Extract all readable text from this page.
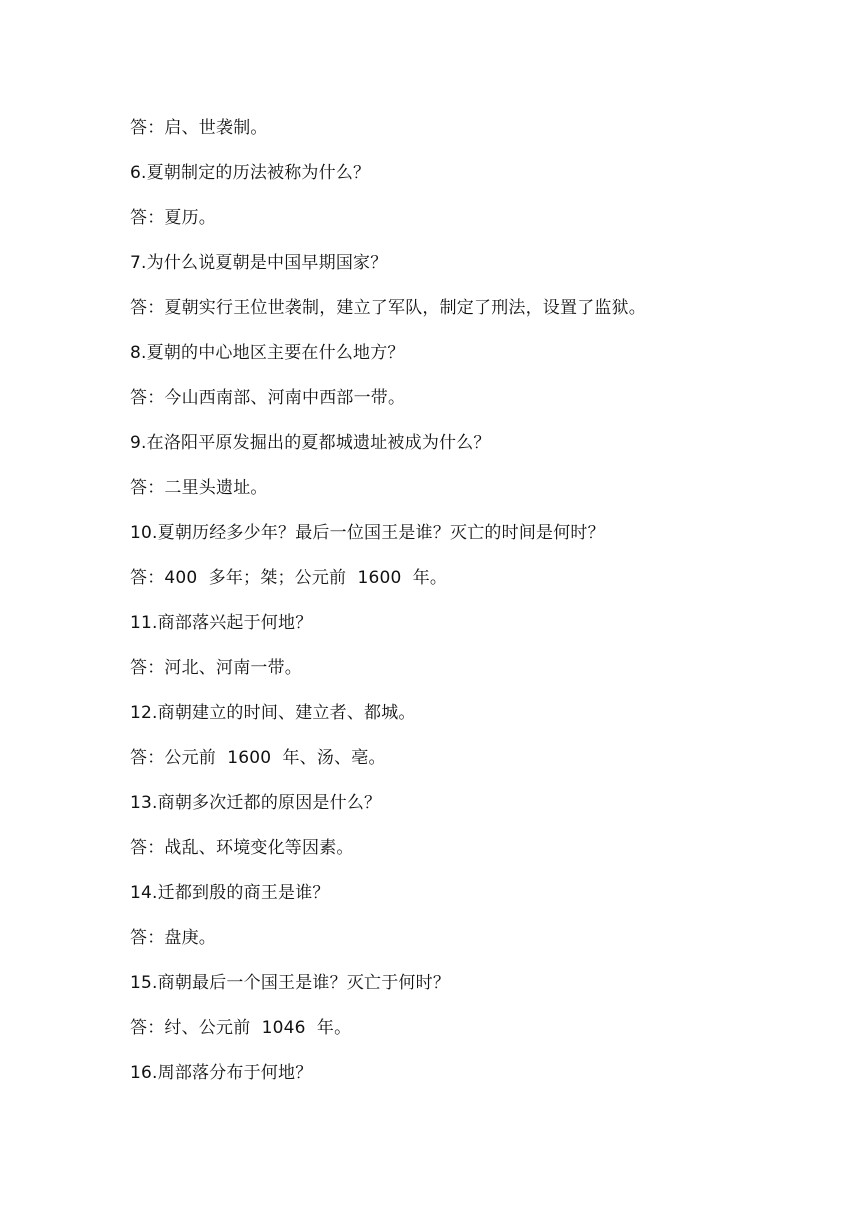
答：启、世袭制。
6.夏朝制定的历法被称为什么？
答：夏历。
7.为什么说夏朝是中国早期国家？
答：夏朝实行王位世袭制，建立了军队，制定了刑法，设置了监狱。
8.夏朝的中心地区主要在什么地方？
答：今山西南部、河南中西部一带。
9.在洛阳平原发掘出的夏都城遗址被成为什么？
答：二里头遗址。
10.夏朝历经多少年？最后一位国王是谁？灭亡的时间是何时？
答：400  多年；桀；公元前  1600  年。
11.商部落兴起于何地？
答：河北、河南一带。
12.商朝建立的时间、建立者、都城。
答：公元前  1600  年、汤、亳。
13.商朝多次迁都的原因是什么？
答：战乱、环境变化等因素。
14.迁都到殷的商王是谁？
答：盘庚。
15.商朝最后一个国王是谁？灭亡于何时？
答：纣、公元前  1046  年。
16.周部落分布于何地？
